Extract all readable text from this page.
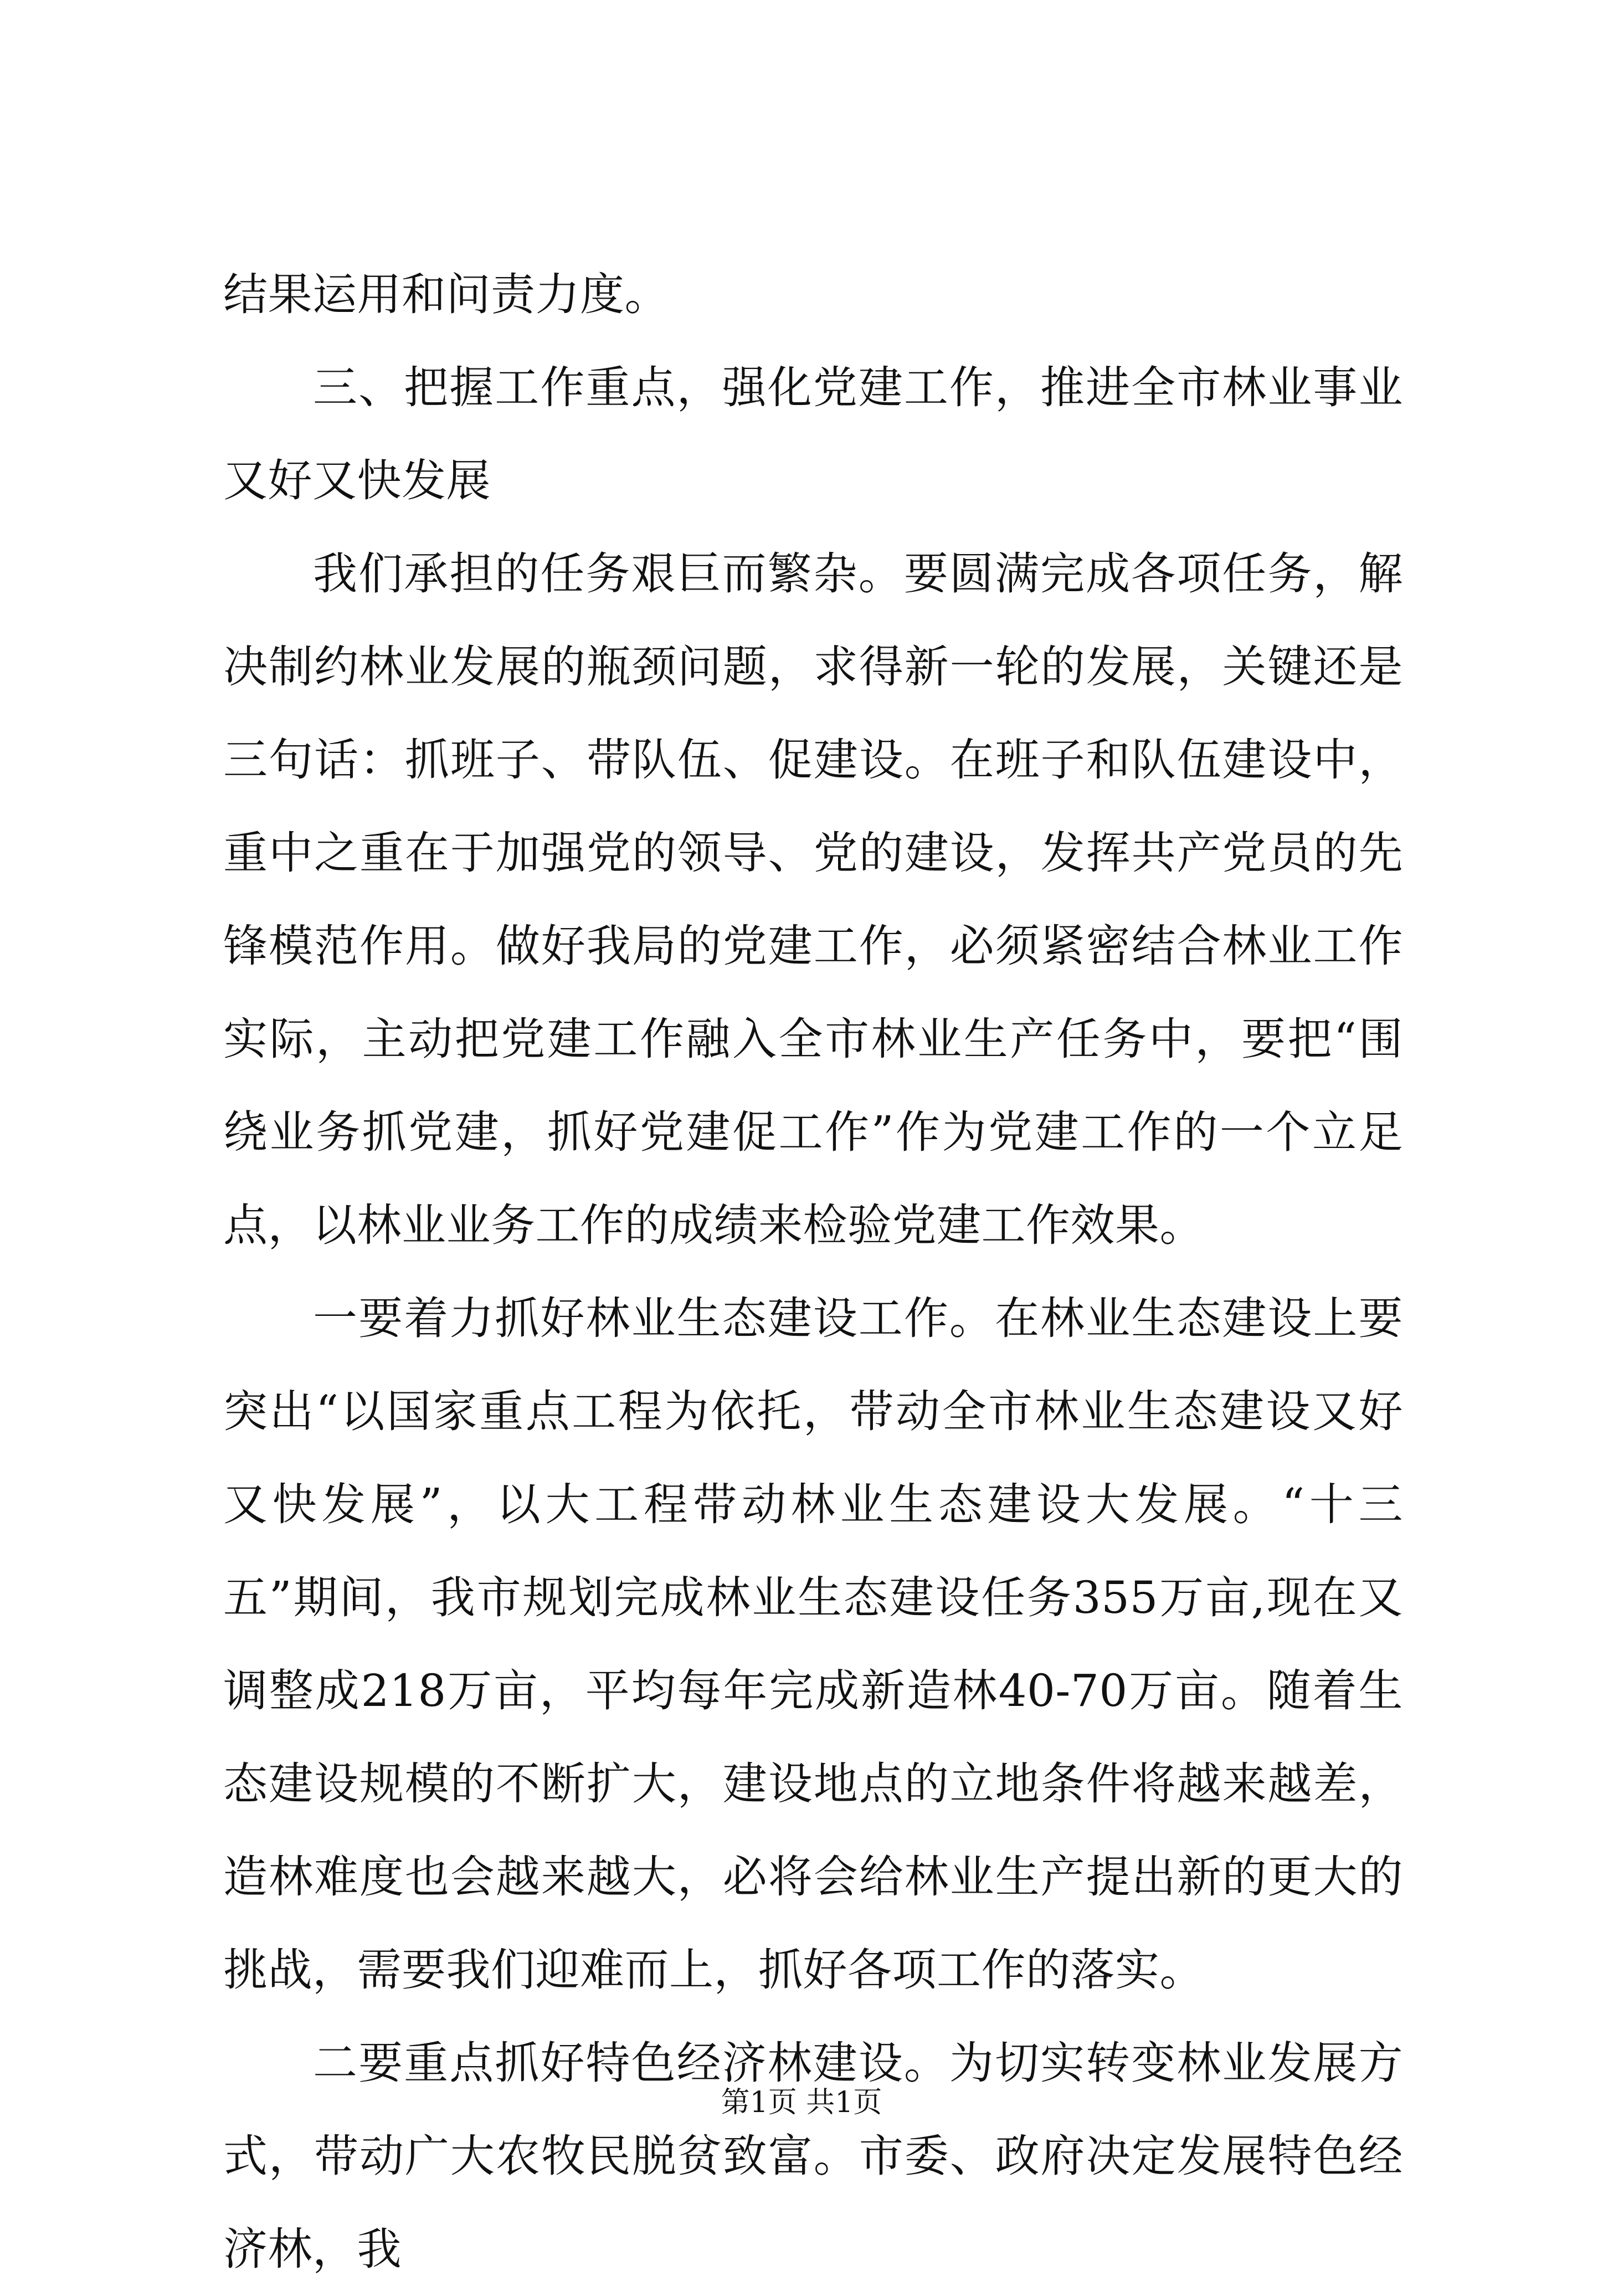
结果运用和问责力度。

三、把握工作重点，强化党建工作，推进全市林业事业又好又快发展

我们承担的任务艰巨而繁杂。要圆满完成各项任务，解决制约林业发展的瓶颈问题，求得新一轮的发展，关键还是三句话：抓班子、带队伍、促建设。在班子和队伍建设中，重中之重在于加强党的领导、党的建设，发挥共产党员的先锋模范作用。做好我局的党建工作，必须紧密结合林业工作实际，主动把党建工作融入全市林业生产任务中，要把“围绕业务抓党建，抓好党建促工作”作为党建工作的一个立足点，以林业业务工作的成绩来检验党建工作效果。

一要着力抓好林业生态建设工作。在林业生态建设上要突出“以国家重点工程为依托，带动全市林业生态建设又好又快发展”，以大工程带动林业生态建设大发展。“十三五”期间，我市规划完成林业生态建设任务355万亩,现在又调整成218万亩，平均每年完成新造林40-70万亩。随着生态建设规模的不断扩大，建设地点的立地条件将越来越差，造林难度也会越来越大，必将会给林业生产提出新的更大的挑战，需要我们迎难而上，抓好各项工作的落实。

二要重点抓好特色经济林建设。为切实转变林业发展方式，带动广大农牧民脱贫致富。市委、政府决定发展特色经济林，我

第1页 共1页
